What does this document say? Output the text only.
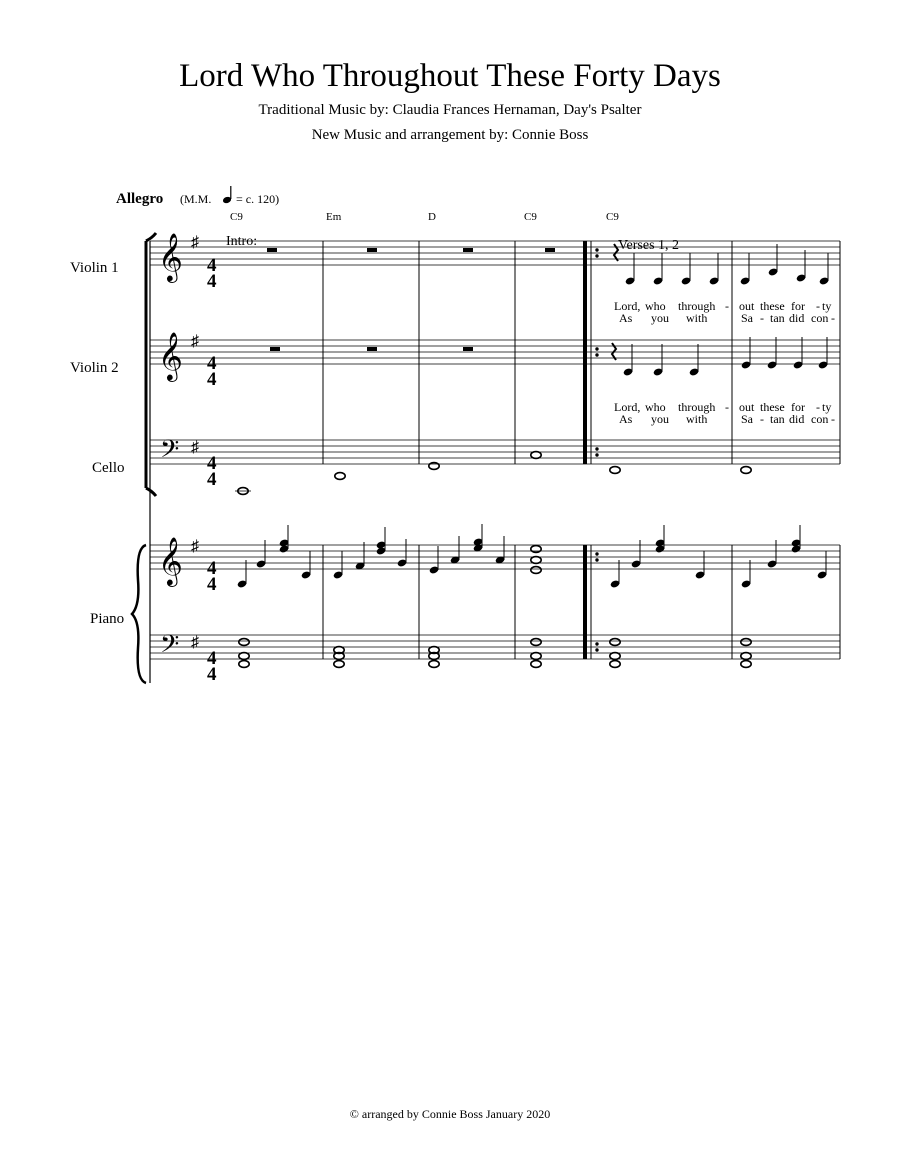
Lord Who Throughout These Forty Days
Traditional Music by: Claudia Frances Hernaman, Day's Psalter
New Music and arrangement by: Connie Boss
Allegro (M.M. = c. 120)
C9	Em	D	C9	C9
Intro:	Verses 1, 2
Violin 1
Violin 2
Cello
Piano
4
4
4
4
4
4
4
4
4
4
Lord, who through - out these for - ty
As you with	Sa - tan did con -
Lord, who through - out these for - ty
As you with	Sa - tan did con -
𝄞 ♯
𝄞 ♯
𝄞 ♯
𝄢 ♯
𝄢 ♯
© arranged by Connie Boss January 2020
